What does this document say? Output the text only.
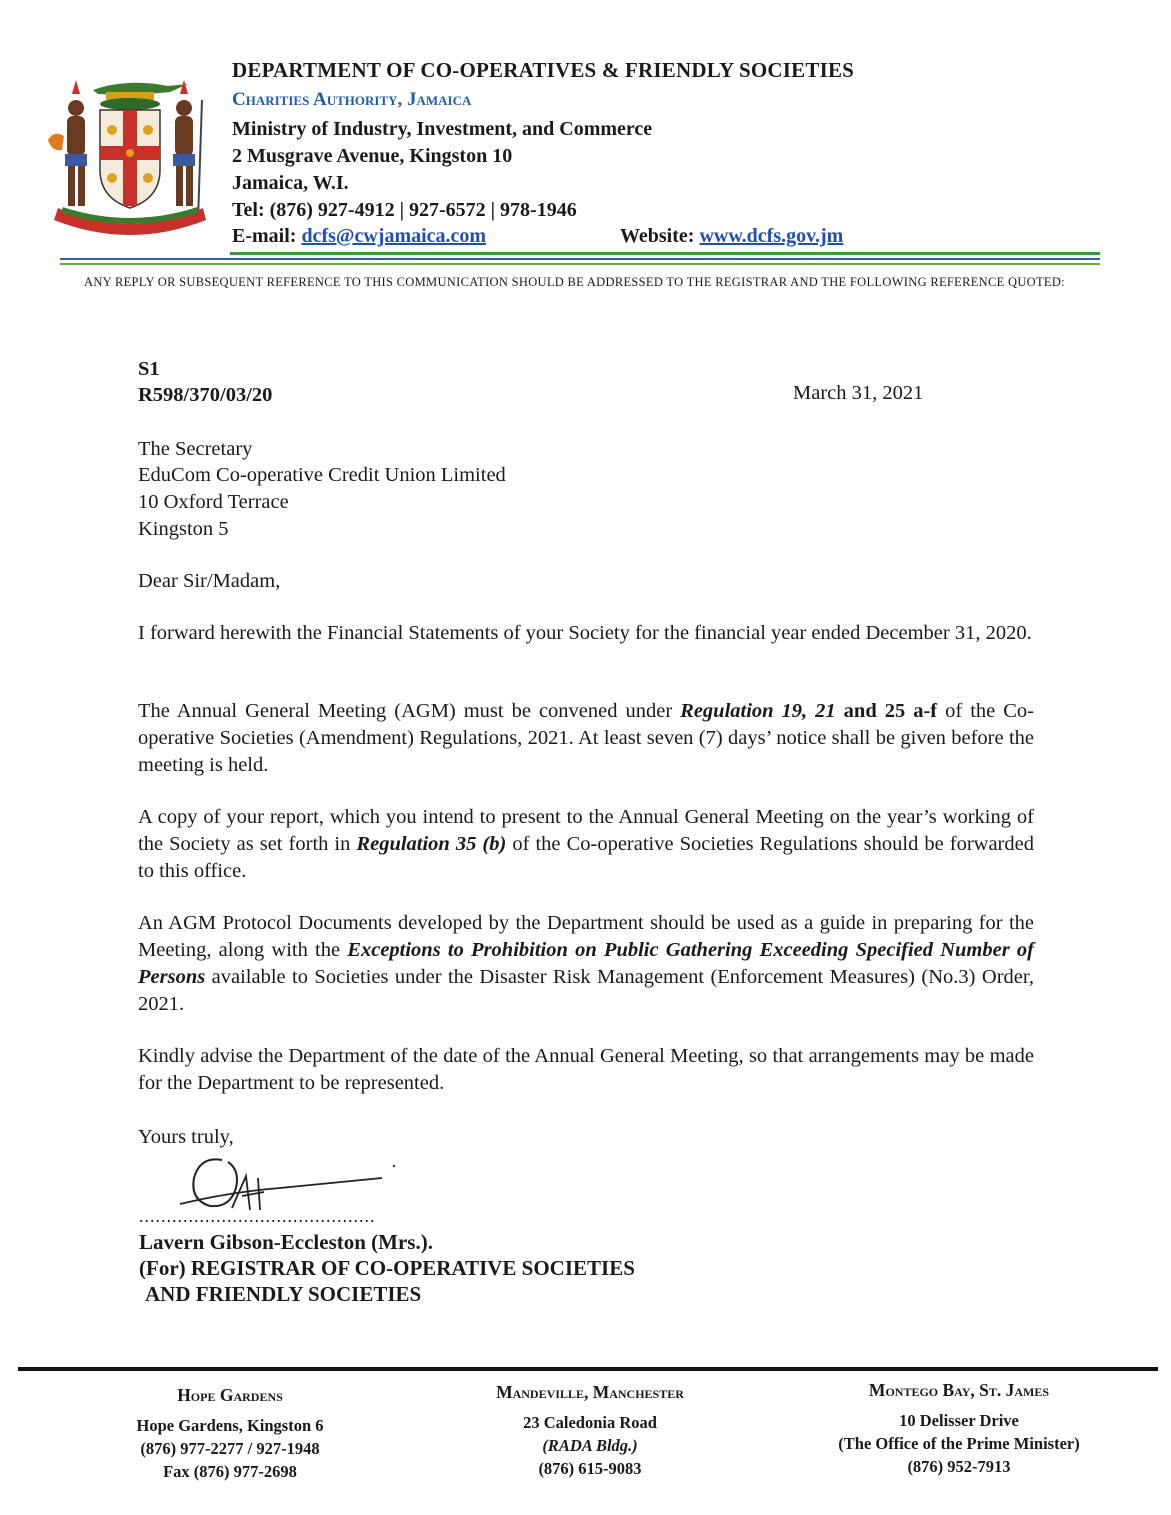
DEPARTMENT OF CO-OPERATIVES & FRIENDLY SOCIETIES
Charities Authority, Jamaica
Ministry of Industry, Investment, and Commerce
2 Musgrave Avenue, Kingston 10
Jamaica, W.I.
Tel: (876) 927-4912 | 927-6572 | 978-1946
E-mail: dcfs@cwjamaica.com	Website: www.dcfs.gov.jm
ANY REPLY OR SUBSEQUENT REFERENCE TO THIS COMMUNICATION SHOULD BE ADDRESSED TO THE REGISTRAR AND THE FOLLOWING REFERENCE QUOTED:
S1
R598/370/03/20	March 31, 2021
The Secretary
EduCom Co-operative Credit Union Limited
10 Oxford Terrace
Kingston 5
Dear Sir/Madam,
I forward herewith the Financial Statements of your Society for the financial year ended December 31, 2020.
The Annual General Meeting (AGM) must be convened under Regulation 19, 21 and 25 a-f of the Co-operative Societies (Amendment) Regulations, 2021. At least seven (7) days’ notice shall be given before the meeting is held.
A copy of your report, which you intend to present to the Annual General Meeting on the year’s working of the Society as set forth in Regulation 35 (b) of the Co-operative Societies Regulations should be forwarded to this office.
An AGM Protocol Documents developed by the Department should be used as a guide in preparing for the Meeting, along with the Exceptions to Prohibition on Public Gathering Exceeding Specified Number of Persons available to Societies under the Disaster Risk Management (Enforcement Measures) (No.3) Order, 2021.
Kindly advise the Department of the date of the Annual General Meeting, so that arrangements may be made for the Department to be represented.
Yours truly,
...........................................
Lavern Gibson-Eccleston (Mrs.).
(For) REGISTRAR OF CO-OPERATIVE SOCIETIES
AND FRIENDLY SOCIETIES
Hope Gardens
Hope Gardens, Kingston 6
(876) 977-2277 / 927-1948
Fax (876) 977-2698
Mandeville, Manchester
23 Caledonia Road
(RADA Bldg.)
(876) 615-9083
Montego Bay, St. James
10 Delisser Drive
(The Office of the Prime Minister)
(876) 952-7913
